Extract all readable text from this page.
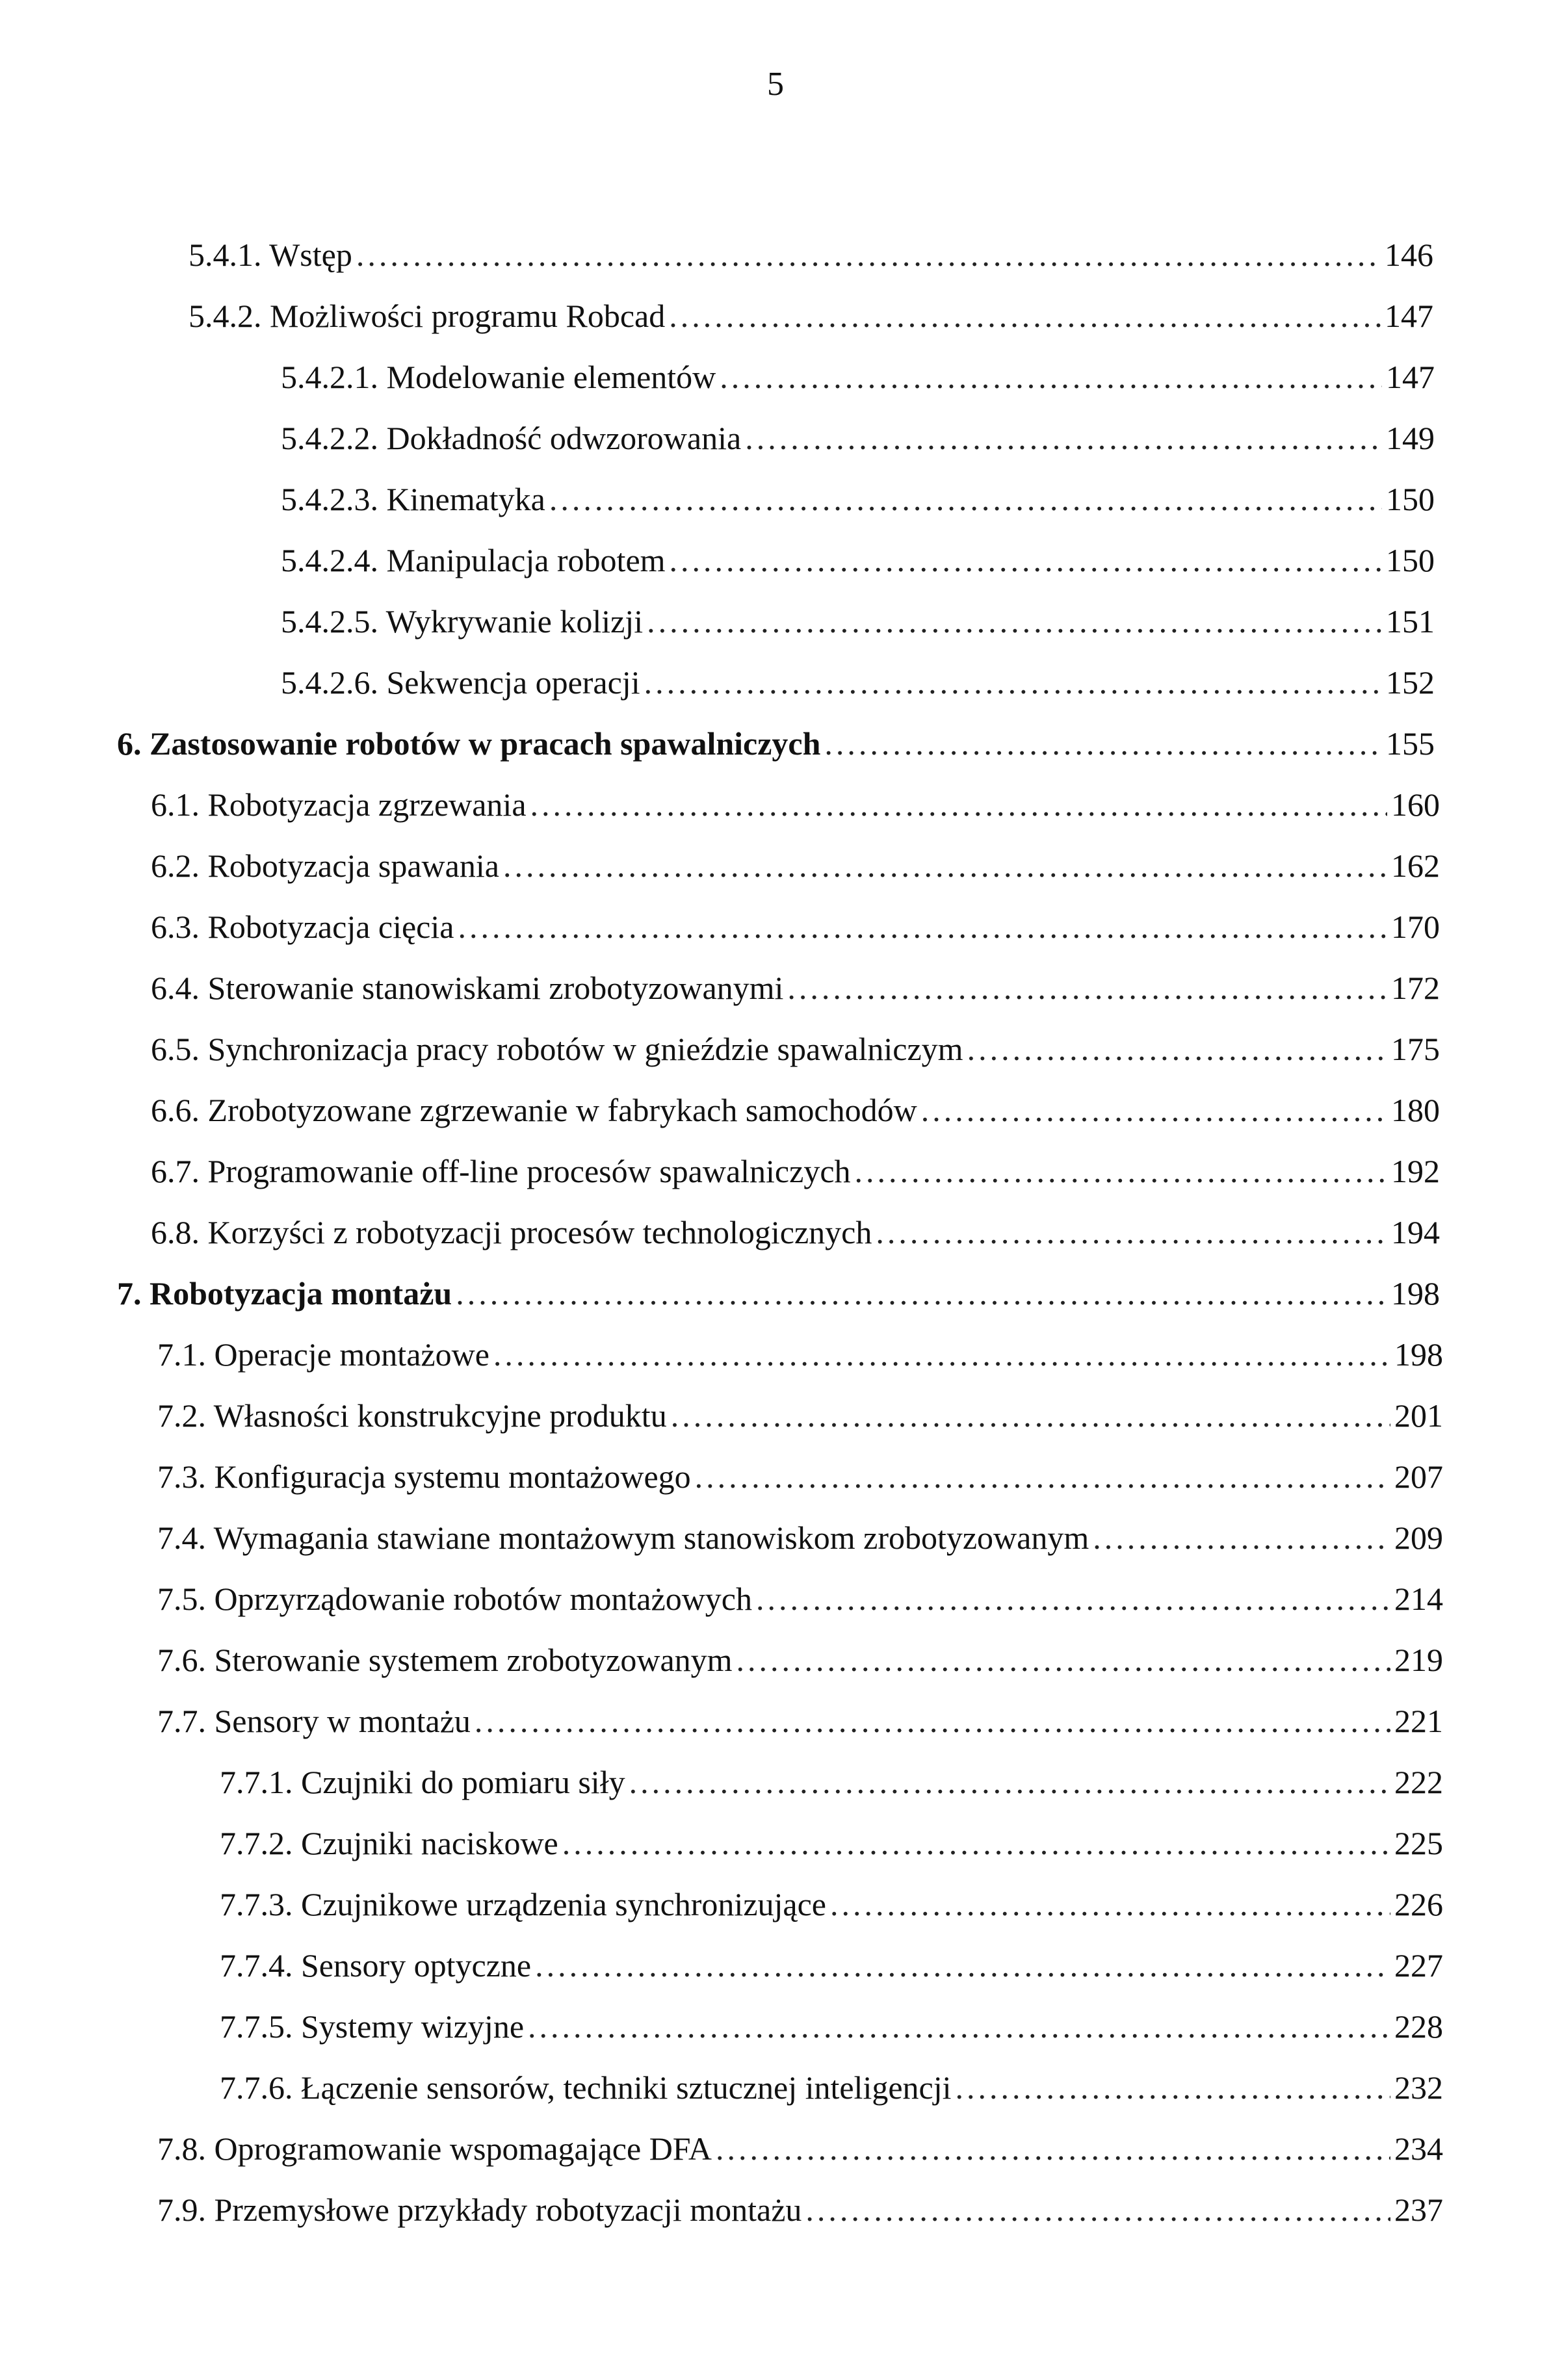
5
5.4.1. Wstęp .....	146
5.4.2. Możliwości programu Robcad .....	147
5.4.2.1. Modelowanie elementów .....	147
5.4.2.2. Dokładność odwzorowania .....	149
5.4.2.3. Kinematyka .....	150
5.4.2.4. Manipulacja robotem .....	150
5.4.2.5. Wykrywanie kolizji .....	151
5.4.2.6. Sekwencja operacji .....	152
6. Zastosowanie robotów w pracach spawalniczych .....	155
6.1. Robotyzacja zgrzewania .....	160
6.2. Robotyzacja spawania .....	162
6.3. Robotyzacja cięcia .....	170
6.4. Sterowanie stanowiskami zrobotyzowanymi .....	172
6.5. Synchronizacja pracy robotów w gnieździe spawalniczym .....	175
6.6. Zrobotyzowane zgrzewanie w fabrykach samochodów .....	180
6.7. Programowanie off-line procesów spawalniczych .....	192
6.8. Korzyści z robotyzacji procesów technologicznych .....	194
7. Robotyzacja montażu .....	198
7.1. Operacje montażowe .....	198
7.2. Własności konstrukcyjne produktu .....	201
7.3. Konfiguracja systemu montażowego .....	207
7.4. Wymagania stawiane montażowym stanowiskom zrobotyzowanym .....	209
7.5. Oprzyrządowanie robotów montażowych .....	214
7.6. Sterowanie systemem zrobotyzowanym .....	219
7.7. Sensory w montażu .....	221
7.7.1. Czujniki do pomiaru siły .....	222
7.7.2. Czujniki naciskowe .....	225
7.7.3. Czujnikowe urządzenia synchronizujące .....	226
7.7.4. Sensory optyczne .....	227
7.7.5. Systemy wizyjne .....	228
7.7.6. Łączenie sensorów, techniki sztucznej inteligencji .....	232
7.8. Oprogramowanie wspomagające DFA .....	234
7.9. Przemysłowe przykłady robotyzacji montażu .....	237
